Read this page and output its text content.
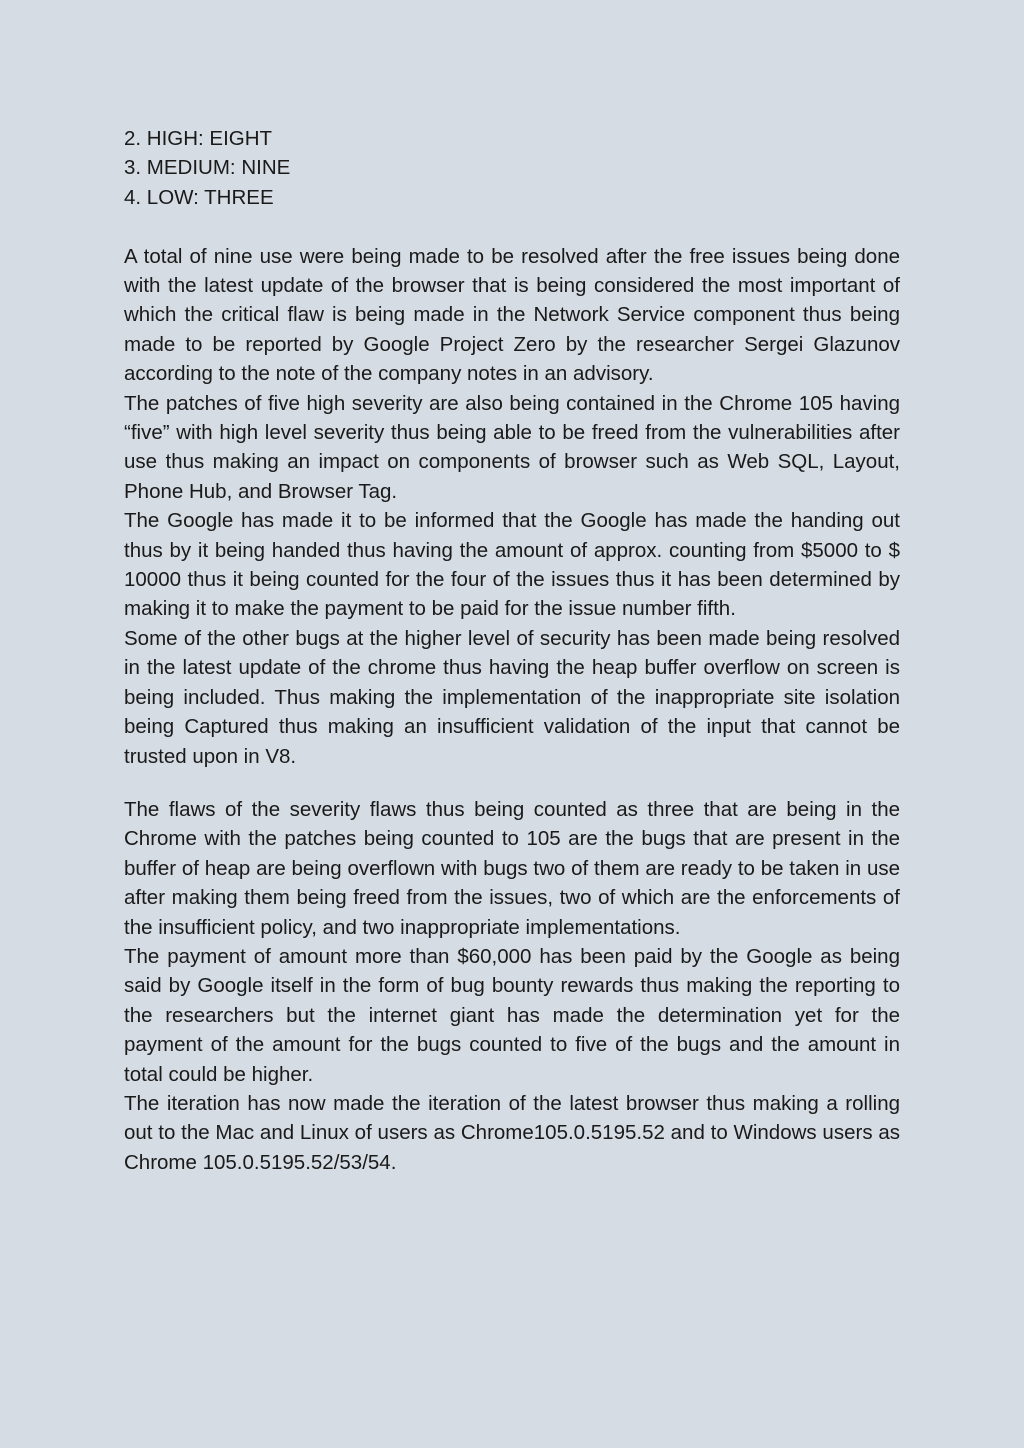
2. HIGH: EIGHT
3. MEDIUM: NINE
4. LOW: THREE

A total of nine use were being made to be resolved after the free issues being done with the latest update of the browser that is being considered the most important of which the critical flaw is being made in the Network Service component thus being made to be reported by Google Project Zero by the researcher Sergei Glazunov according to the note of the company notes in an advisory.

The patches of five high severity are also being contained in the Chrome 105 having “five” with high level severity thus being able to be freed from the vulnerabilities after use thus making an impact on components of browser such as Web SQL, Layout, Phone Hub, and Browser Tag.

The Google has made it to be informed that the Google has made the handing out thus by it being handed thus having the amount of approx. counting from $5000 to $ 10000 thus it being counted for the four of the issues thus it has been determined by making it to make the payment to be paid for the issue number fifth.

Some of the other bugs at the higher level of security has been made being resolved in the latest update of the chrome thus having the heap buffer overflow on screen is being included. Thus making the implementation of the inappropriate site isolation being Captured thus making an insufficient validation of the input that cannot be trusted upon in V8.

The flaws of the severity flaws thus being counted as three that are being in the Chrome with the patches being counted to 105 are the bugs that are present in the buffer of heap are being overflown with bugs two of them are ready to be taken in use after making them being freed from the issues, two of which are the enforcements of the insufficient policy, and two inappropriate implementations.

The payment of amount more than $60,000 has been paid by the Google as being said by Google itself in the form of bug bounty rewards thus making the reporting to the researchers but the internet giant has made the determination yet for the payment of the amount for the bugs counted to five of the bugs and the amount in total could be higher.

The iteration has now made the iteration of the latest browser thus making a rolling out to the Mac and Linux of users as Chrome105.0.5195.52 and to Windows users as Chrome 105.0.5195.52/53/54.
